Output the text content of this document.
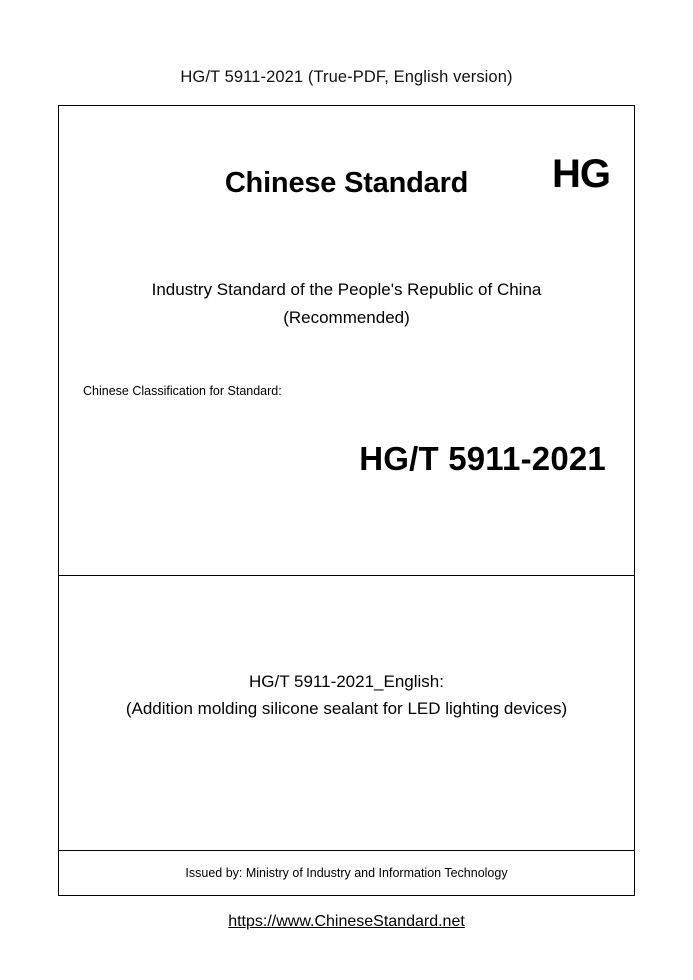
HG/T 5911-2021 (True-PDF, English version)
Chinese Standard	HG
Industry Standard of the People's Republic of China
(Recommended)
Chinese Classification for Standard:
HG/T 5911-2021
HG/T 5911-2021_English:
(Addition molding silicone sealant for LED lighting devices)
Issued by: Ministry of Industry and Information Technology
https://www.ChineseStandard.net
